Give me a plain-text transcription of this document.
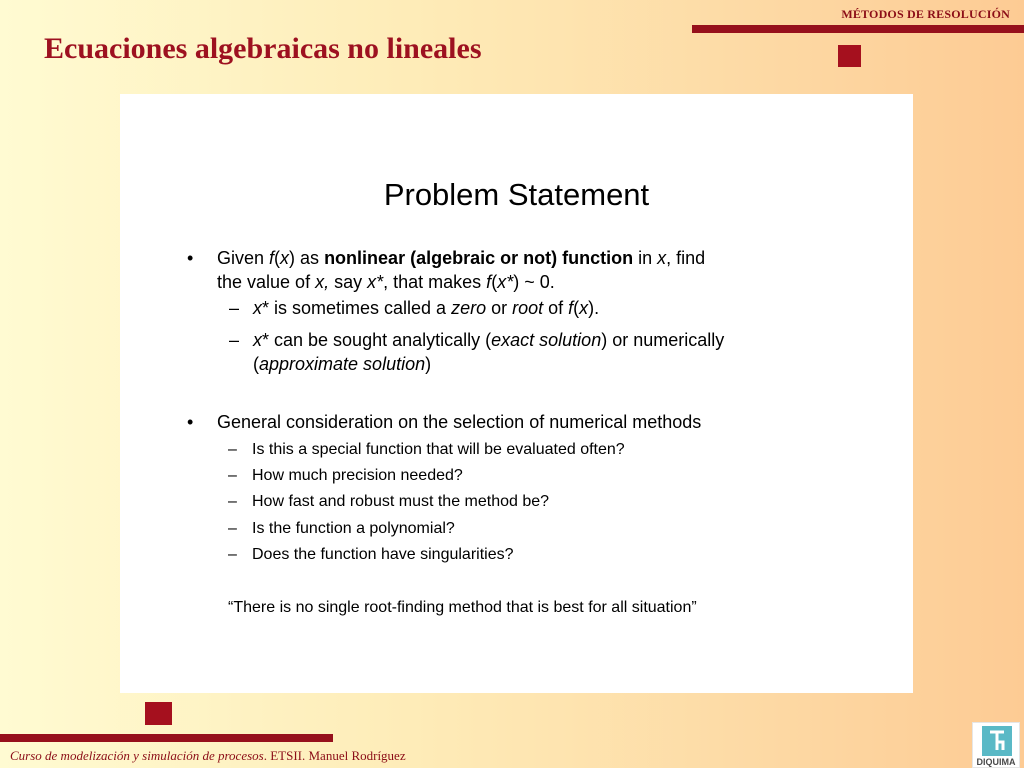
MÉTODOS DE RESOLUCIÓN
Ecuaciones algebraicas no lineales
Problem Statement
• Given f(x) as nonlinear (algebraic or not) function in x, find
the value of x, say x*, that makes f(x*) ~ 0.
– x* is sometimes called a zero or root of f(x).
– x* can be sought analytically (exact solution) or numerically
(approximate solution)
• General consideration on the selection of numerical methods
– Is this a special function that will be evaluated often?
– How much precision needed?
– How fast and robust must the method be?
– Is the function a polynomial?
– Does the function have singularities?
“There is no single root-finding method that is best for all situation”
Curso de modelización y simulación de procesos. ETSII. Manuel Rodríguez	DIQUIMA
